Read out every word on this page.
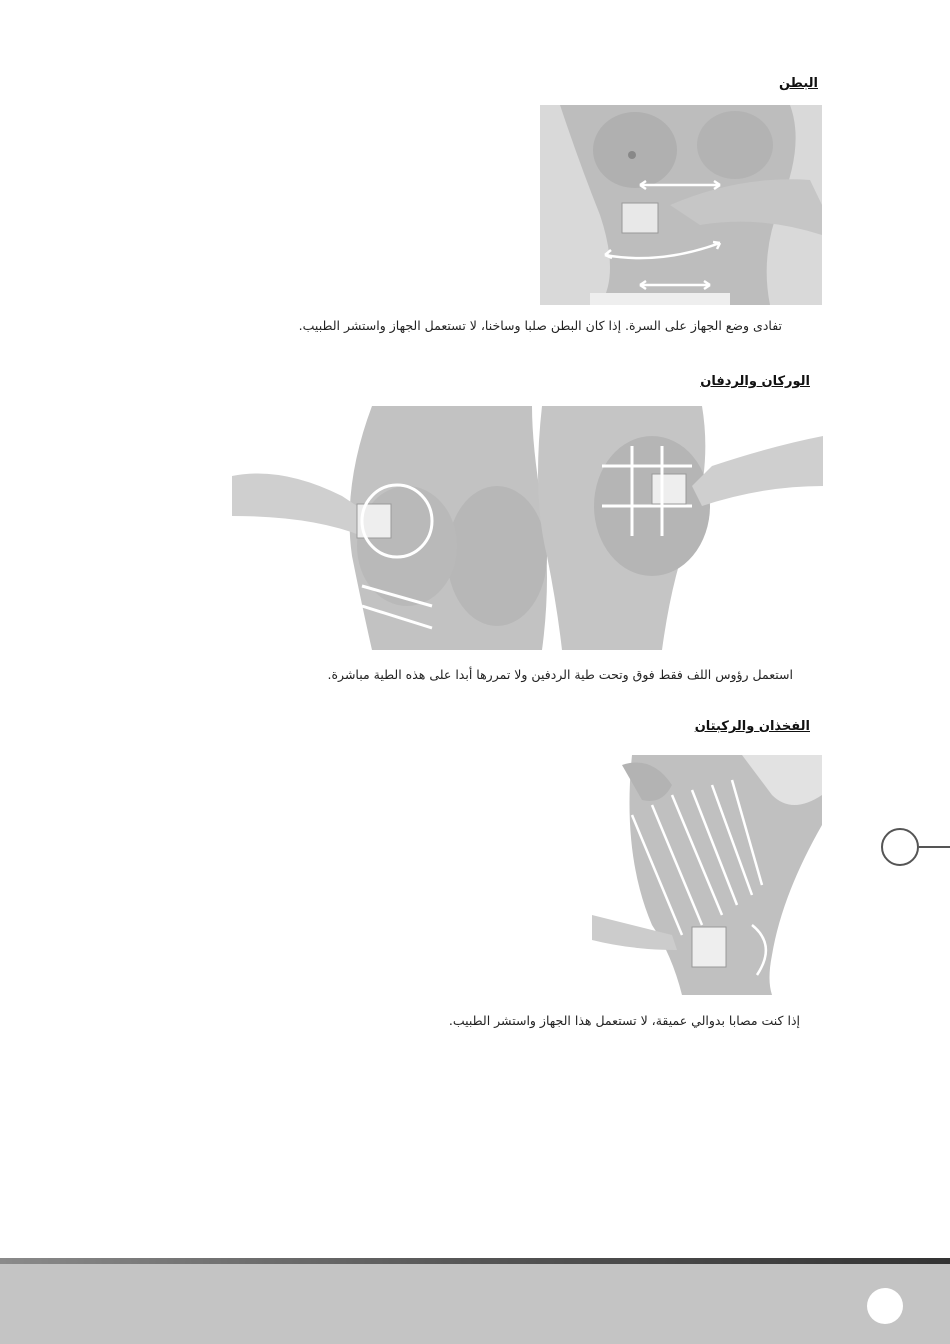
البطن
تفادى وضع الجهاز على السرة. إذا كان البطن صلبا وساخنا، لا تستعمل الجهاز واستشر الطبيب.
الوركان والردفان
استعمل رؤوس اللف فقط فوق وتحت طية الردفين ولا تمررها أبدا على هذه الطية مباشرة.
الفخذان والركبتان
إذا كنت مصابا بدوالي عميقة، لا تستعمل هذا الجهاز واستشر الطبيب.
